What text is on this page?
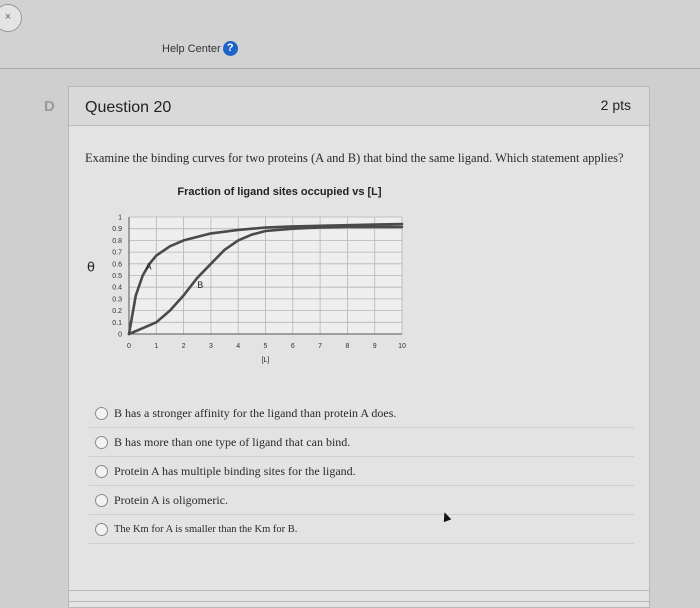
×
Help Center ?
D Question 20	2 pts
Examine the binding curves for two proteins (A and B) that bind the same ligand. Which statement applies?
0	1	2	3	4	5	6	7	8	9	10
0
0.1
0.2
0.3
0.4
0.5
0.6
0.7
0.8
0.9
1
Fraction of ligand sites occupied vs [L]
θ
[L]
A
B
B has a stronger affinity for the ligand than protein A does.
B has more than one type of ligand that can bind.
Protein A has multiple binding sites for the ligand.
Protein A is oligomeric.
The Km for A is smaller than the Km for B.
